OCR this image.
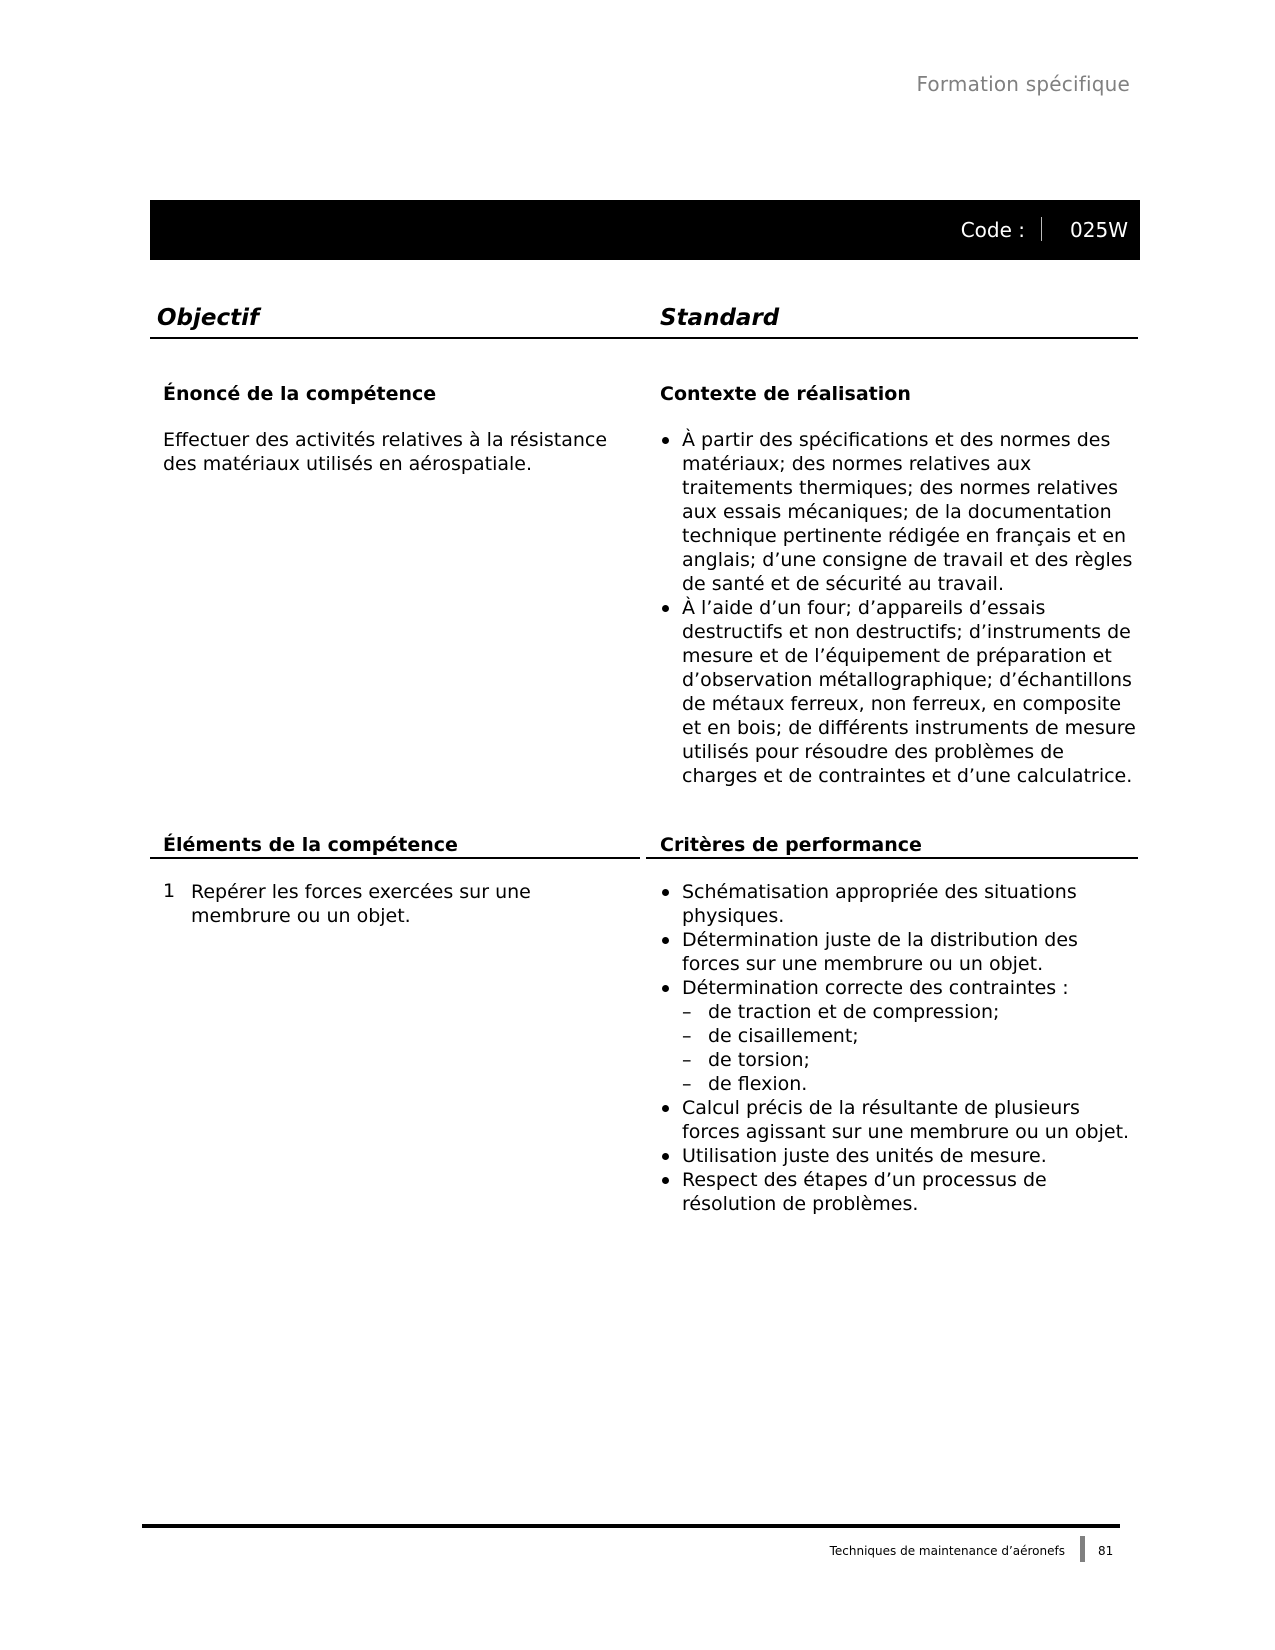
Formation spécifique
Code : 025W
Objectif	Standard
Énoncé de la compétence
Effectuer des activités relatives à la résistance des matériaux utilisés en aérospatiale.
Contexte de réalisation
À partir des spécifications et des normes des matériaux; des normes relatives aux traitements thermiques; des normes relatives aux essais mécaniques; de la documentation technique pertinente rédigée en français et en anglais; d’une consigne de travail et des règles de santé et de sécurité au travail.
À l’aide d’un four; d’appareils d’essais destructifs et non destructifs; d’instruments de mesure et de l’équipement de préparation et d’observation métallographique; d’échantillons de métaux ferreux, non ferreux, en composite et en bois; de différents instruments de mesure utilisés pour résoudre des problèmes de charges et de contraintes et d’une calculatrice.
Éléments de la compétence	Critères de performance
1 Repérer les forces exercées sur une membrure ou un objet.
Schématisation appropriée des situations physiques.
Détermination juste de la distribution des forces sur une membrure ou un objet.
Détermination correcte des contraintes :
– de traction et de compression;
– de cisaillement;
– de torsion;
– de flexion.
Calcul précis de la résultante de plusieurs forces agissant sur une membrure ou un objet.
Utilisation juste des unités de mesure.
Respect des étapes d’un processus de résolution de problèmes.
Techniques de maintenance d’aéronefs	81
